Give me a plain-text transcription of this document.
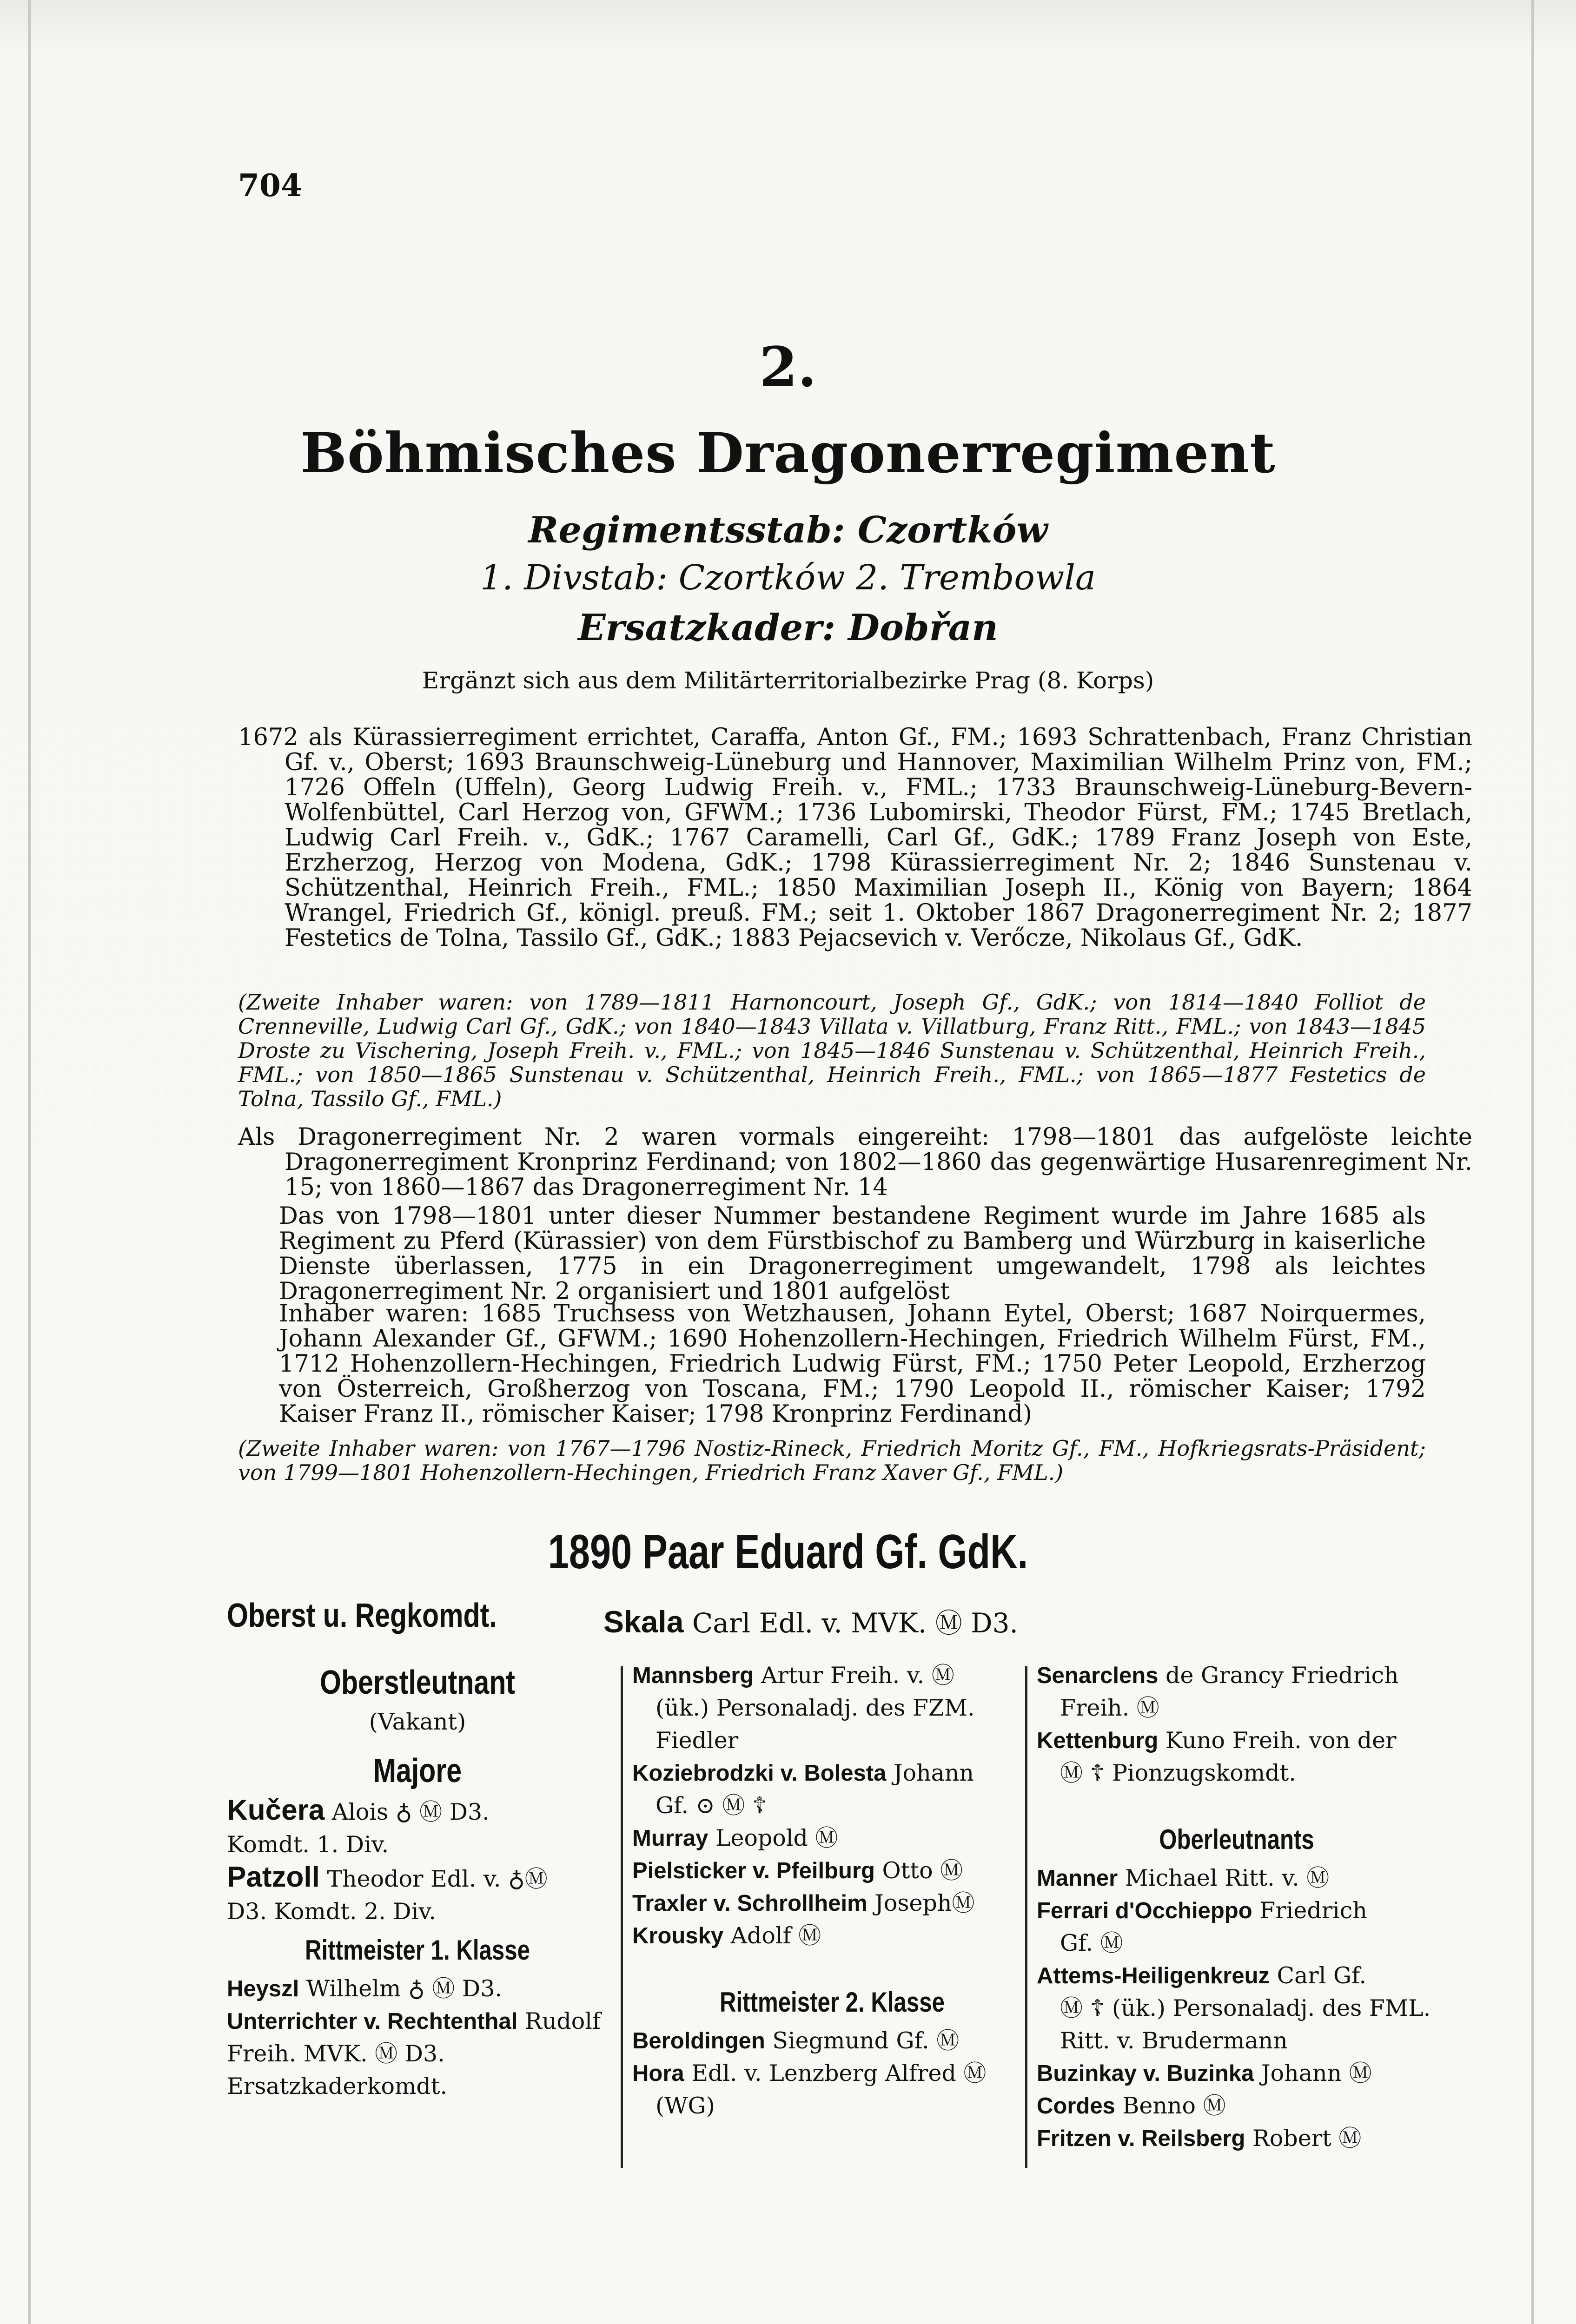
704
2.
Böhmisches Dragonerregiment
Regimentsstab: Czortków
1. Divstab: Czortków 2. Trembowla
Ersatzkader: Dobřan
Ergänzt sich aus dem Militärterritorialbezirke Prag (8. Korps)
1672 als Kürassierregiment errichtet, Caraffa, Anton Gf., FM.; 1693 Schrattenbach, Franz Christian Gf. v., Oberst; 1693 Braunschweig-Lüneburg und Hannover, Maximilian Wilhelm Prinz von, FM.; 1726 Offeln (Uffeln), Georg Ludwig Freih. v., FML.; 1733 Braunschweig-Lüneburg-Bevern-Wolfenbüttel, Carl Herzog von, GFWM.; 1736 Lubomirski, Theodor Fürst, FM.; 1745 Bretlach, Ludwig Carl Freih. v., GdK.; 1767 Caramelli, Carl Gf., GdK.; 1789 Franz Joseph von Este, Erzherzog, Herzog von Modena, GdK.; 1798 Kürassierregiment Nr. 2; 1846 Sunstenau v. Schützenthal, Heinrich Freih., FML.; 1850 Maximilian Joseph II., König von Bayern; 1864 Wrangel, Friedrich Gf., königl. preuß. FM.; seit 1. Oktober 1867 Dragonerregiment Nr. 2; 1877 Festetics de Tolna, Tassilo Gf., GdK.; 1883 Pejacsevich v. Verőcze, Nikolaus Gf., GdK.
(Zweite Inhaber waren: von 1789—1811 Harnoncourt, Joseph Gf., GdK.; von 1814—1840 Folliot de Crenneville, Ludwig Carl Gf., GdK.; von 1840—1843 Villata v. Villatburg, Franz Ritt., FML.; von 1843—1845 Droste zu Vischering, Joseph Freih. v., FML.; von 1845—1846 Sunstenau v. Schützenthal, Heinrich Freih., FML.; von 1850—1865 Sunstenau v. Schützenthal, Heinrich Freih., FML.; von 1865—1877 Festetics de Tolna, Tassilo Gf., FML.)
Als Dragonerregiment Nr. 2 waren vormals eingereiht: 1798—1801 das aufgelöste leichte Dragonerregiment Kronprinz Ferdinand; von 1802—1860 das gegenwärtige Husarenregiment Nr. 15; von 1860—1867 das Dragonerregiment Nr. 14
Das von 1798—1801 unter dieser Nummer bestandene Regiment wurde im Jahre 1685 als Regiment zu Pferd (Kürassier) von dem Fürstbischof zu Bamberg und Würzburg in kaiserliche Dienste überlassen, 1775 in ein Dragonerregiment umgewandelt, 1798 als leichtes Dragonerregiment Nr. 2 organisiert und 1801 aufgelöst
Inhaber waren: 1685 Truchsess von Wetzhausen, Johann Eytel, Oberst; 1687 Noirquermes, Johann Alexander Gf., GFWM.; 1690 Hohenzollern-Hechingen, Friedrich Wilhelm Fürst, FM., 1712 Hohenzollern-Hechingen, Friedrich Ludwig Fürst, FM.; 1750 Peter Leopold, Erzherzog von Österreich, Großherzog von Toscana, FM.; 1790 Leopold II., römischer Kaiser; 1792 Kaiser Franz II., römischer Kaiser; 1798 Kronprinz Ferdinand)
(Zweite Inhaber waren: von 1767—1796 Nostiz-Rineck, Friedrich Moritz Gf., FM., Hofkriegsrats-Präsident; von 1799—1801 Hohenzollern-Hechingen, Friedrich Franz Xaver Gf., FML.)
1890 Paar Eduard Gf. GdK.
Oberst u. Regkomdt.	Skala Carl Edl. v. MVK. Ⓜ D3.
Oberstleutnant
(Vakant)
Majore
Kučera Alois ♁ Ⓜ D3.
Komdt. 1. Div.
Patzoll Theodor Edl. v. ♁Ⓜ
D3. Komdt. 2. Div.
Rittmeister 1. Klasse
Heyszl Wilhelm ♁ Ⓜ D3.
Unterrichter v. Rechtenthal Rudolf Freih. MVK. Ⓜ D3.
Ersatzkaderkomdt.
Mannsberg Artur Freih. v. Ⓜ
(ük.) Personaladj. des FZM. Fiedler
Koziebrodzki v. Bolesta Johann
Gf. ⊙ Ⓜ ☦
Murray Leopold Ⓜ
Pielsticker v. Pfeilburg Otto Ⓜ
Traxler v. Schrollheim JosephⓂ
Krousky Adolf Ⓜ
Rittmeister 2. Klasse
Beroldingen Siegmund Gf. Ⓜ
Hora Edl. v. Lenzberg Alfred Ⓜ
(WG)
Senarclens de Grancy Friedrich
Freih. Ⓜ
Kettenburg Kuno Freih. von der
Ⓜ ☦ Pionzugskomdt.
Oberleutnants
Manner Michael Ritt. v. Ⓜ
Ferrari d'Occhieppo Friedrich
Gf. Ⓜ
Attems-Heiligenkreuz Carl Gf.
Ⓜ ☦ (ük.) Personaladj. des FML. Ritt. v. Brudermann
Buzinkay v. Buzinka Johann Ⓜ
Cordes Benno Ⓜ
Fritzen v. Reilsberg Robert Ⓜ
